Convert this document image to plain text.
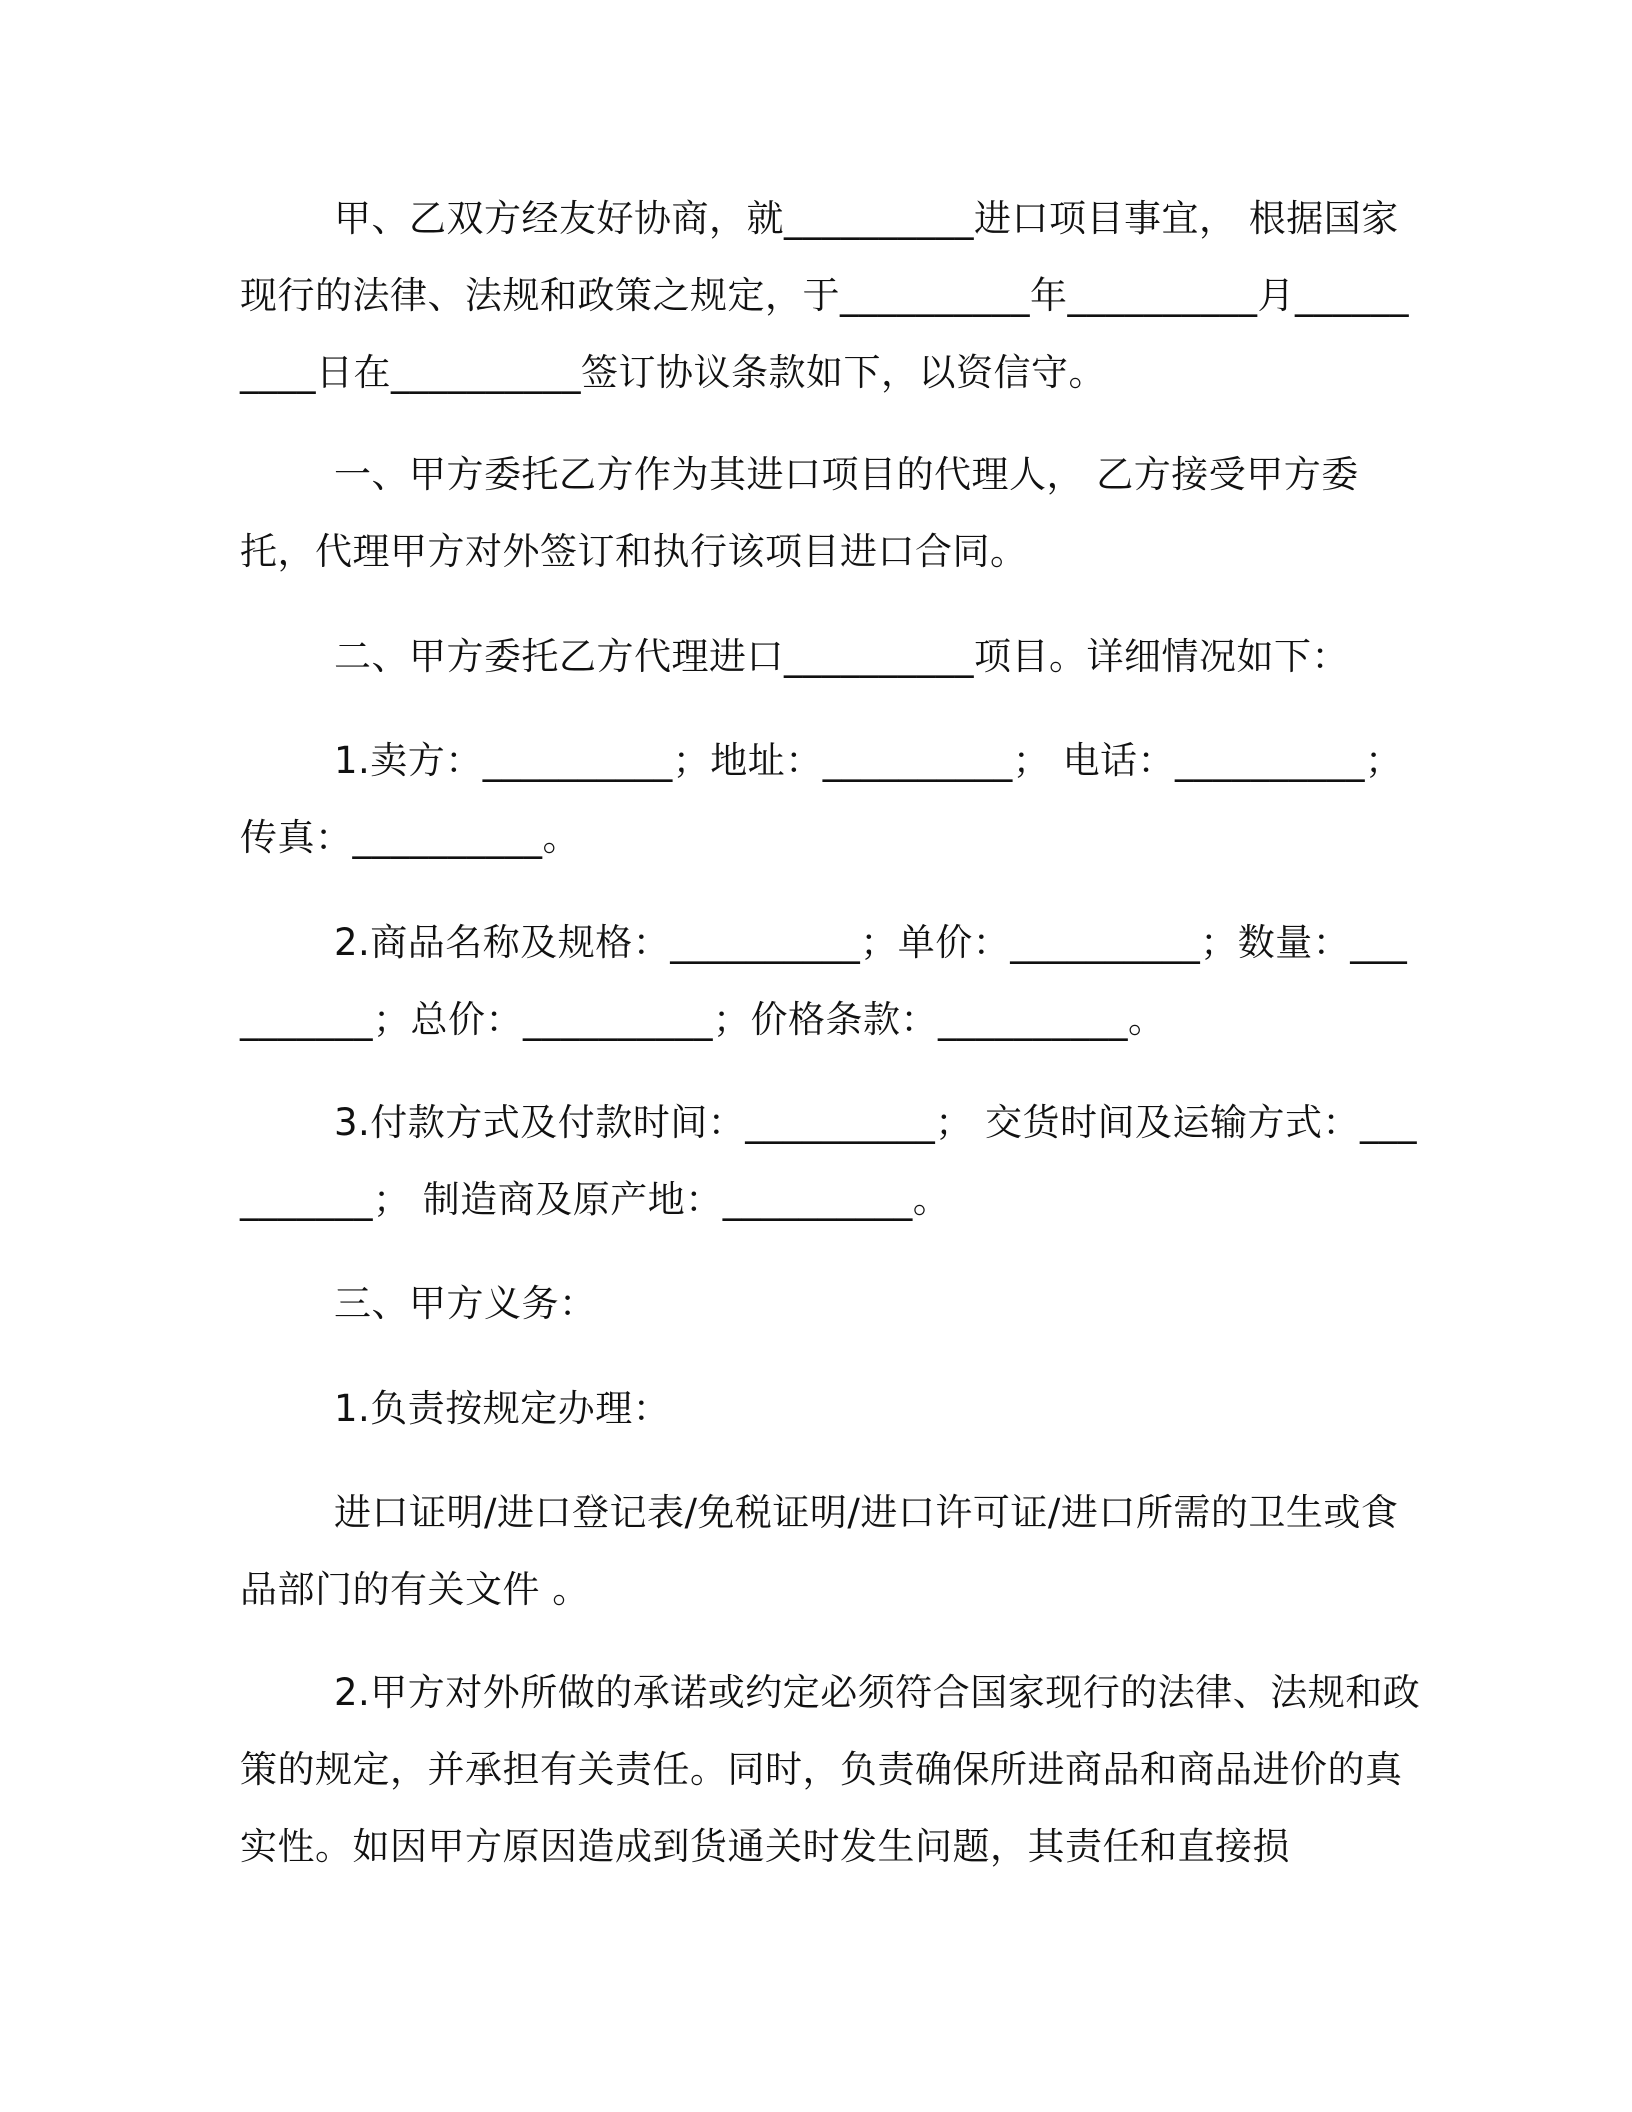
甲、乙双方经友好协商，就__________进口项目事宜， 根据国家现行的法律、法规和政策之规定，于__________年__________月__________日在__________签订协议条款如下，以资信守。

一、甲方委托乙方作为其进口项目的代理人， 乙方接受甲方委托，代理甲方对外签订和执行该项目进口合同。

二、甲方委托乙方代理进口__________项目。详细情况如下：

1.卖方：__________；地址：__________； 电话：__________；传真：__________。

2.商品名称及规格：__________；单价：__________；数量：__________；总价：__________；价格条款：__________。

3.付款方式及付款时间：__________； 交货时间及运输方式：__________； 制造商及原产地：__________。

三、甲方义务：

1.负责按规定办理：

进口证明/进口登记表/免税证明/进口许可证/进口所需的卫生或食品部门的有关文件 。

2.甲方对外所做的承诺或约定必须符合国家现行的法律、法规和政策的规定，并承担有关责任。同时，负责确保所进商品和商品进价的真实性。如因甲方原因造成到货通关时发生问题，其责任和直接损
